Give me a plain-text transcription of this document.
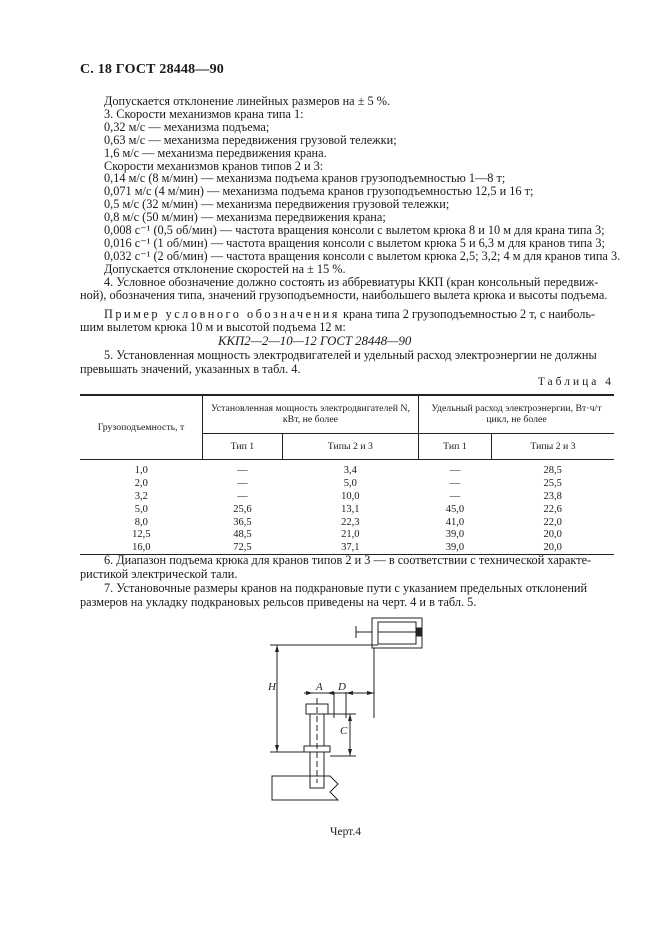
С. 18 ГОСТ 28448—90
Допускается отклонение линейных размеров на ± 5 %.
3. Скорости механизмов крана типа 1:
0,32 м/с — механизма подъема;
0,63 м/с — механизма передвижения грузовой тележки;
1,6 м/с — механизма передвижения крана.
Скорости механизмов кранов типов 2 и 3:
0,14 м/с (8 м/мин) — механизма подъема кранов грузоподъемностью 1—8 т;
0,071 м/с (4 м/мин) — механизма подъема кранов грузоподъемностью 12,5 и 16 т;
0,5 м/с (32 м/мин) — механизма передвижения грузовой тележки;
0,8 м/с (50 м/мин) — механизма передвижения крана;
0,008 с⁻¹ (0,5 об/мин) — частота вращения консоли с вылетом крюка 8 и 10 м для крана типа 3;
0,016 с⁻¹ (1 об/мин) — частота вращения консоли с вылетом крюка 5 и 6,3 м для кранов типа 3;
0,032 с⁻¹ (2 об/мин) — частота вращения консоли с вылетом крюка 2,5; 3,2; 4 м для кранов типа 3.
Допускается отклонение скоростей на ± 15 %.
4. Условное обозначение должно состоять из аббревиатуры ККП (кран консольный передвиж-
ной), обозначения типа, значений грузоподъемности, наибольшего вылета крюка и высоты подъема.
Пример условного обозначения крана типа 2 грузоподъемностью 2 т, с наиболь-
шим вылетом крюка 10 м и высотой подъема 12 м:
ККП2—2—10—12 ГОСТ 28448—90
5. Установленная мощность электродвигателей и удельный расход электроэнергии не должны
превышать значений, указанных в табл. 4.
Таблица 4
Грузоподъемность, т	Установленная мощность электродвигателей N, кВт, не более		Удельный расход электроэнергии, Вт·ч/т цикл, не более	
	Тип 1	Типы 2 и 3	Тип 1	Типы 2 и 3

1,0	—	3,4	—	28,5
2,0	—	5,0	—	25,5
3,2	—	10,0	—	23,8
5,0	25,6	13,1	45,0	22,6
8,0	36,5	22,3	41,0	22,0
12,5	48,5	21,0	39,0	20,0
16,0	72,5	37,1	39,0	20,0
6. Диапазон подъема крюка для кранов типов 2 и 3 — в соответствии с технической характе-
ристикой электрической тали.
7. Установочные размеры кранов на подкрановые пути с указанием предельных отклонений
размеров на укладку подкрановых рельсов приведены на черт. 4 и в табл. 5.
H	A D
C
Черт.4
